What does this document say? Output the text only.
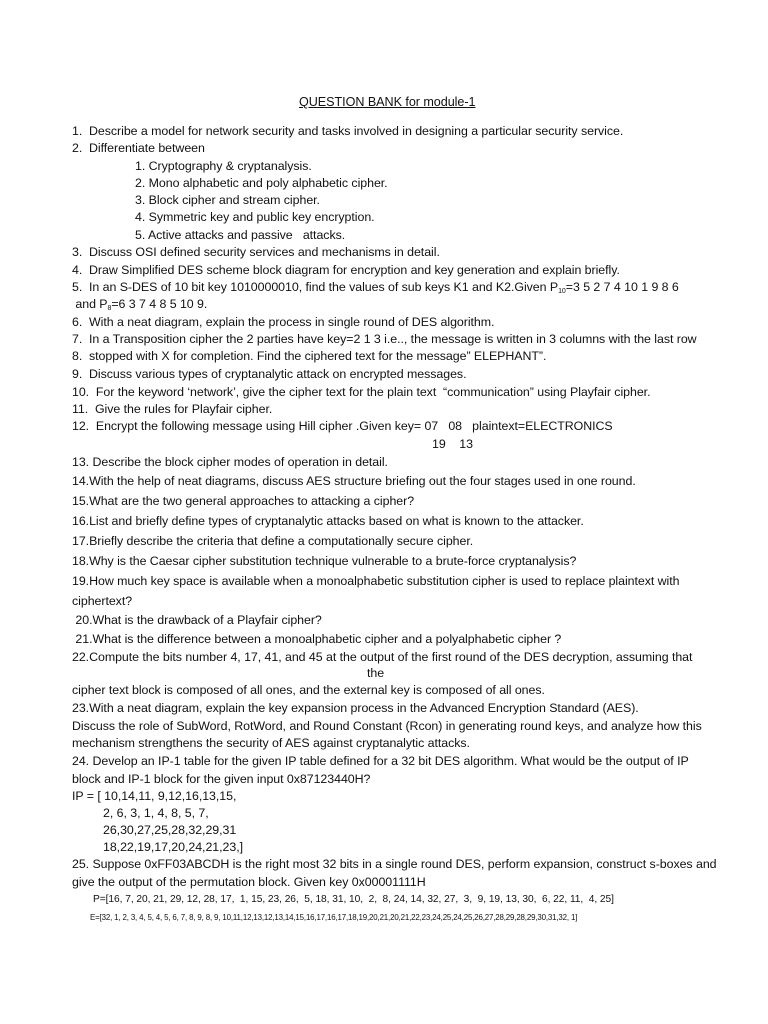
QUESTION BANK for module-1
1.  Describe a model for network security and tasks involved in designing a particular security service.
2.  Differentiate between
1. Cryptography & cryptanalysis.
2. Mono alphabetic and poly alphabetic cipher.
3. Block cipher and stream cipher.
4. Symmetric key and public key encryption.
5. Active attacks and passive   attacks.
3.  Discuss OSI defined security services and mechanisms in detail.
4.  Draw Simplified DES scheme block diagram for encryption and key generation and explain briefly.
5.  In an S-DES of 10 bit key 1010000010, find the values of sub keys K1 and K2.Given $P_{10}=3$ 5 2 7 4 10 1 9 8 6
and $P_8=6$ 3 7 4 8 5 10 9.
6.  With a neat diagram, explain the process in single round of DES algorithm.
7.  In a Transposition cipher the 2 parties have key=2 1 3 i.e.., the message is written in 3 columns with the last row
8.  stopped with X for completion. Find the ciphered text for the message” ELEPHANT”.
9.  Discuss various types of cryptanalytic attack on encrypted messages.
10.  For the keyword ‘network’, give the cipher text for the plain text  “communication” using Playfair cipher.
11.  Give the rules for Playfair cipher.
12.  Encrypt the following message using Hill cipher .Given key= 07   08   plaintext=ELECTRONICS
19    13
13. Describe the block cipher modes of operation in detail.
14.With the help of neat diagrams, discuss AES structure briefing out the four stages used in one round.
15.What are the two general approaches to attacking a cipher?
16.List and briefly define types of cryptanalytic attacks based on what is known to the attacker.
17.Briefly describe the criteria that define a computationally secure cipher.
18.Why is the Caesar cipher substitution technique vulnerable to a brute-force cryptanalysis?
19.How much key space is available when a monoalphabetic substitution cipher is used to replace plaintext with
ciphertext?
20.What is the drawback of a Playfair cipher?
21.What is the difference between a monoalphabetic cipher and a polyalphabetic cipher ?
22.Compute the bits number 4, 17, 41, and 45 at the output of the first round of the DES decryption, assuming that
the
cipher text block is composed of all ones, and the external key is composed of all ones.
23.With a neat diagram, explain the key expansion process in the Advanced Encryption Standard (AES).
Discuss the role of SubWord, RotWord, and Round Constant (Rcon) in generating round keys, and analyze how this
mechanism strengthens the security of AES against cryptanalytic attacks.
24. Develop an IP-1 table for the given IP table defined for a 32 bit DES algorithm. What would be the output of IP
block and IP-1 block for the given input 0x87123440H?
IP = [ 10,14,11, 9,12,16,13,15,
2, 6, 3, 1, 4, 8, 5, 7,
26,30,27,25,28,32,29,31
18,22,19,17,20,24,21,23,]
25. Suppose 0xFF03ABCDH is the right most 32 bits in a single round DES, perform expansion, construct s-boxes and
give the output of the permutation block. Given key 0x00001111H
P=[16, 7, 20, 21, 29, 12, 28, 17,  1, 15, 23, 26,  5, 18, 31, 10,  2,  8, 24, 14, 32, 27,  3,  9, 19, 13, 30,  6, 22, 11,  4, 25]
E=[32, 1, 2, 3, 4, 5, 4, 5, 6, 7, 8, 9, 8, 9, 10,11,12,13,12,13,14,15,16,17,16,17,18,19,20,21,20,21,22,23,24,25,24,25,26,27,28,29,28,29,30,31,32, 1]
